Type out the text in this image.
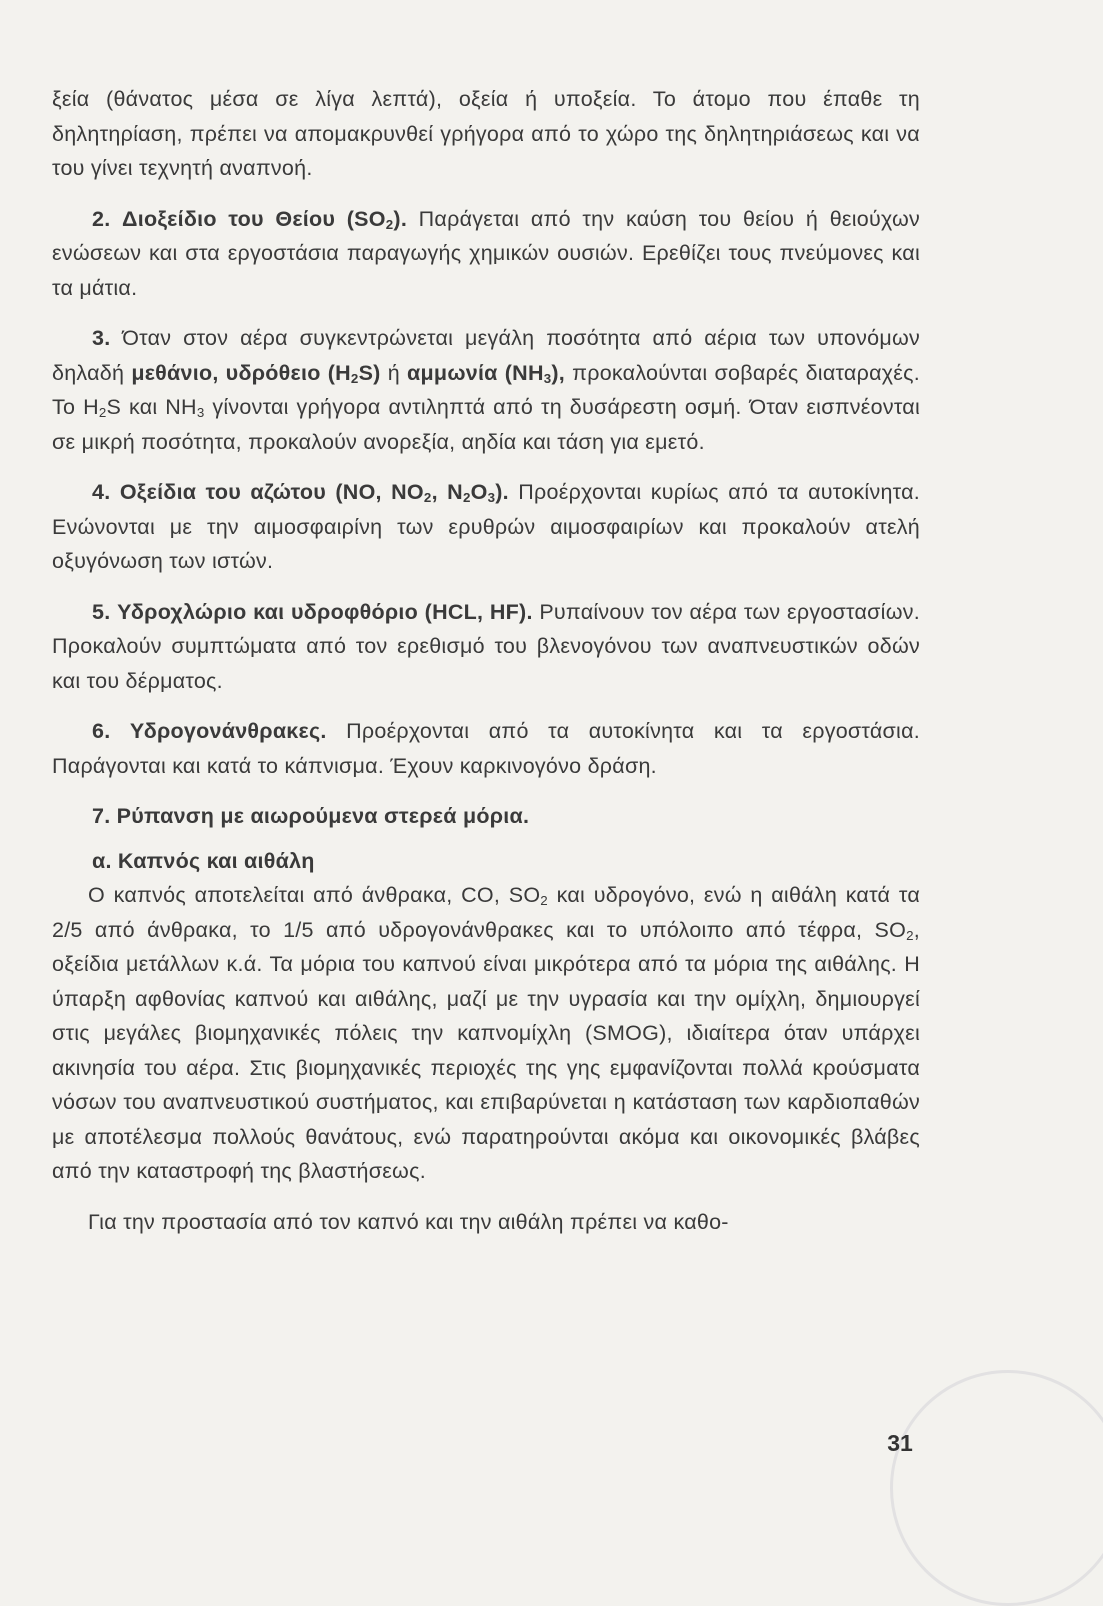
ξεία (θάνατος μέσα σε λίγα λεπτά), οξεία ή υποξεία. Το άτομο που έπαθε τη δηλητηρίαση, πρέπει να απομακρυνθεί γρήγορα από το χώρο της δηλητηριάσεως και να του γίνει τεχνητή αναπνοή.

2. Διοξείδιο του Θείου $(SO_2)$. Παράγεται από την καύση του θείου ή θειούχων ενώσεων και στα εργοστάσια παραγωγής χημικών ουσιών. Ερεθίζει τους πνεύμονες και τα μάτια.

3. Όταν στον αέρα συγκεντρώνεται μεγάλη ποσότητα από αέρια των υπονόμων δηλαδή μεθάνιο, υδρόθειο $(H_2S)$ ή αμμωνία $(NH_3)$, προκαλούνται σοβαρές διαταραχές. Το $H_2S$ και $NH_3$ γίνονται γρήγορα αντιληπτά από τη δυσάρεστη οσμή. Όταν εισπνέονται σε μικρή ποσότητα, προκαλούν ανορεξία, αηδία και τάση για εμετό.

4. Οξείδια του αζώτου (NO, $NO_2$, $N_2O_3$). Προέρχονται κυρίως από τα αυτοκίνητα. Ενώνονται με την αιμοσφαιρίνη των ερυθρών αιμοσφαιρίων και προκαλούν ατελή οξυγόνωση των ιστών.

5. Υδροχλώριο και υδροφθόριο (HCL, HF). Ρυπαίνουν τον αέρα των εργοστασίων. Προκαλούν συμπτώματα από τον ερεθισμό του βλενογόνου των αναπνευστικών οδών και του δέρματος.

6. Υδρογονάνθρακες. Προέρχονται από τα αυτοκίνητα και τα εργοστάσια. Παράγονται και κατά το κάπνισμα. Έχουν καρκινογόνο δράση.

7. Ρύπανση με αιωρούμενα στερεά μόρια.
α. Καπνός και αιθάλη

Ο καπνός αποτελείται από άνθρακα, CO, $SO_2$ και υδρογόνο, ενώ η αιθάλη κατά τα 2/5 από άνθρακα, το 1/5 από υδρογονάνθρακες και το υπόλοιπο από τέφρα, $SO_2$, οξείδια μετάλλων κ.ά. Τα μόρια του καπνού είναι μικρότερα από τα μόρια της αιθάλης. Η ύπαρξη αφθονίας καπνού και αιθάλης, μαζί με την υγρασία και την ομίχλη, δημιουργεί στις μεγάλες βιομηχανικές πόλεις την καπνομίχλη (SMOG), ιδιαίτερα όταν υπάρχει ακινησία του αέρα. Στις βιομηχανικές περιοχές της γης εμφανίζονται πολλά κρούσματα νόσων του αναπνευστικού συστήματος, και επιβαρύνεται η κατάσταση των καρδιοπαθών με αποτέλεσμα πολλούς θανάτους, ενώ παρατηρούνται ακόμα και οικονομικές βλάβες από την καταστροφή της βλαστήσεως.

Για την προστασία από τον καπνό και την αιθάλη πρέπει να καθο-

31
